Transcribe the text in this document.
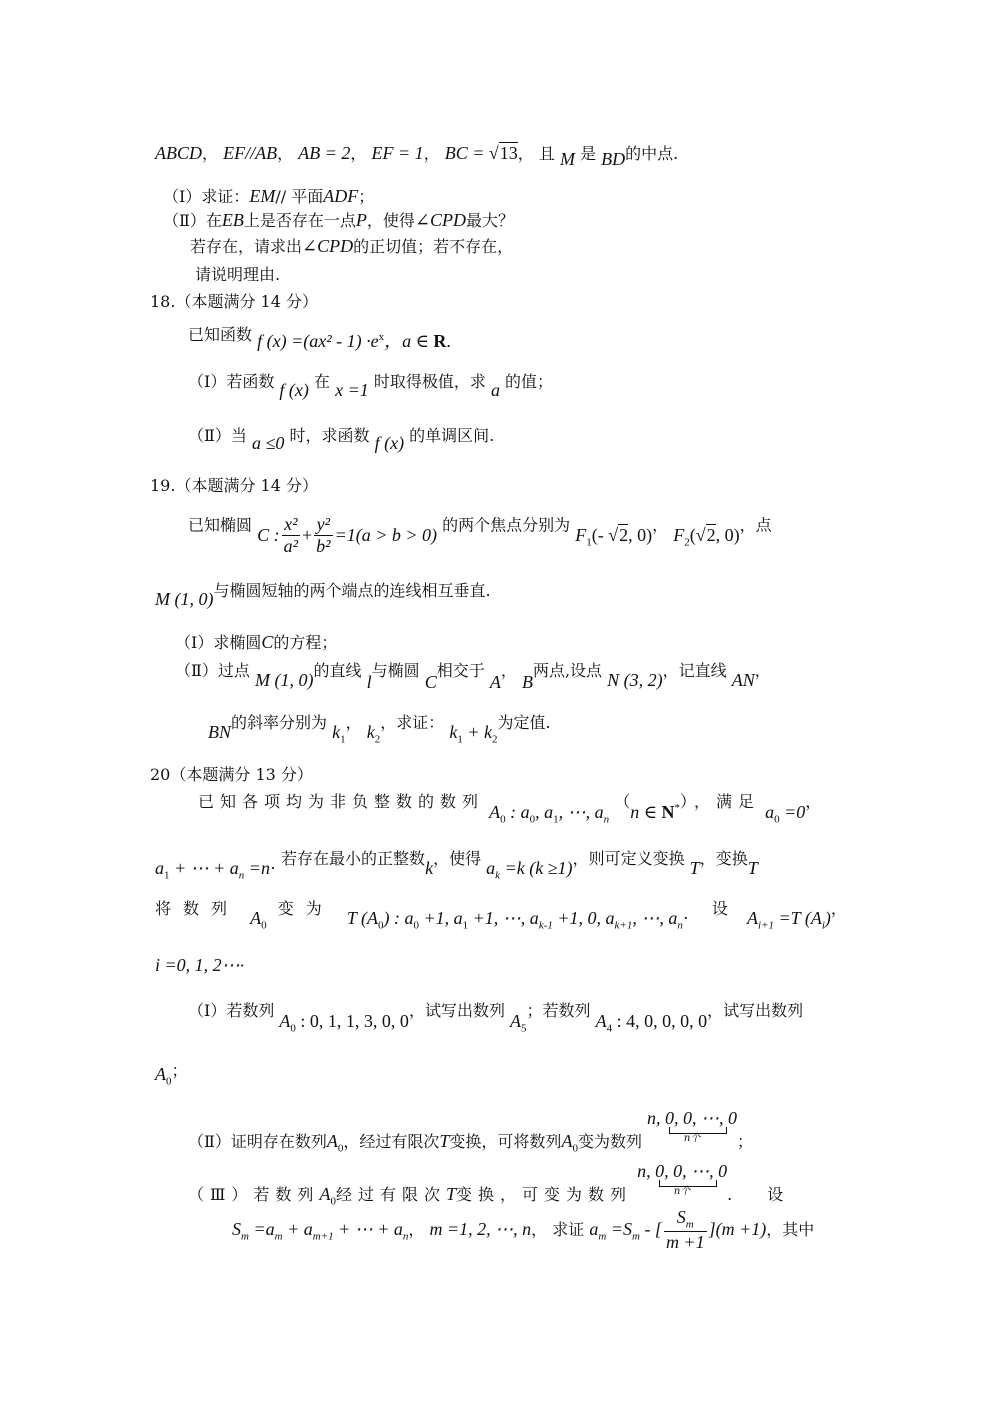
ABCD， EF//AB， AB = 2， EF = 1， BC = √13， 且 M 是 BD的中点.
（Ⅰ）求证：EM// 平面ADF；
（Ⅱ）在EB上是否存在一点P，使得∠CPD最大？
若存在，请求出∠CPD的正切值；若不存在，
请说明理由.
18.（本题满分 14 分）
已知函数 f $(x) =(ax^2 - 1) \cdot e^x$，a ∈ R.
（Ⅰ）若函数 f (x) 在 x =1 时取得极值，求 a 的值；
（Ⅱ）当 a ≤0 时，求函数 f (x) 的单调区间.
19.（本题满分 14 分）
已知椭圆 C : $\frac{\text{x²}}{\text{a²}} + \frac{\text{y²}}{\text{b²}} =1(a > b > 0)$ 的两个焦点分别为 $F_1(-$ √2, 0)， $F_2(√2$, 0)，点
M (1, 0)与椭圆短轴的两个端点的连线相互垂直.
（Ⅰ）求椭圆C的方程；
（Ⅱ）过点 M (1, 0)的直线 l与椭圆 C相交于 A， B两点,设点 N (3, 2)，记直线 AN，
BN的斜率分别为 $k_1$， $k_2$，求证： $k_1 + k_2$为定值.
20（本题满分 13 分）
已知各项均为非负整数的数列 $A_0$ : $a_0$, $a_1$, ⋯, $a_n$ （n ∈ N*），满足 $a_0 =0$，
$a_1$ + ⋯ + $a_n =n\cdot$ 若存在最小的正整数k，使得 $a_k =k$ (k ≥1)，则可定义变换 T，变换T
将数列 $A_0$ 变为 T $(A_0)$ : $a_0 +1$, $a_1 +1$, ⋯, $a_{k-1} +1$, 0, $a_{k+1}$, ⋯, $a_n\cdot$ 设 $A_{i+1} =T$ $(A_i)$，
i =0, 1, 2⋯·
（Ⅰ）若数列 $A_0$ : 0, 1, 1, 3, 0, 0，试写出数列 $A_5$；若数列 $A_4$ : 4, 0, 0, 0, 0，试写出数列
$A_0$；
（Ⅱ）证明存在数列$A_0$，经过有限次T变换，可将数列$A_0$变为数列
n, 0, 0, ⋯, 0
n个	；
（Ⅲ）若数列$A_0$经过有限次T变换，可变为数列
n, 0, 0, ⋯, 0
n个	. 设
$S_m =a_m + a_{m+1}$ + ⋯ + $a_n$， m =1, 2, ⋯, n， 求证 $a_m =S_m$ - [ $\frac{S_m}{m +1} ](m +1)$，其中
